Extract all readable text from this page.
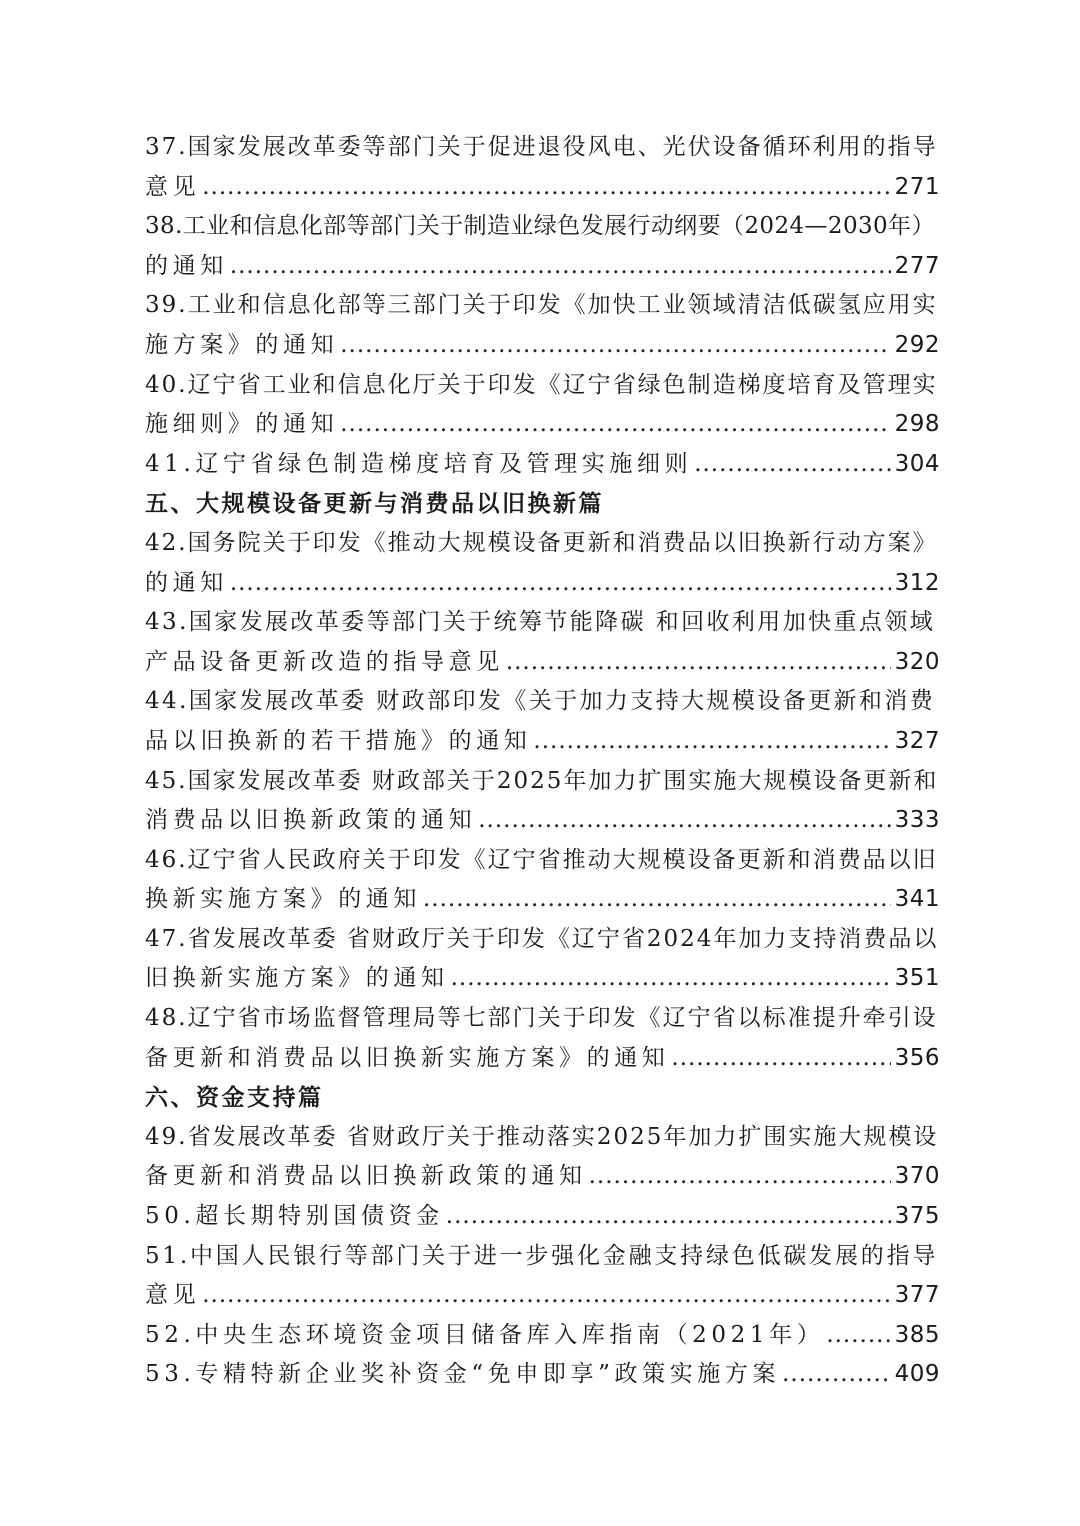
37.国家发展改革委等部门关于促进退役风电、光伏设备循环利用的指导
意见 .....	271
38.工业和信息化部等部门关于制造业绿色发展行动纲要（2024—2030年）
的通知 .....	277
39.工业和信息化部等三部门关于印发《加快工业领域清洁低碳氢应用实
施方案》的通知 .....	292
40.辽宁省工业和信息化厅关于印发《辽宁省绿色制造梯度培育及管理实
施细则》的通知 .....	298
41.辽宁省绿色制造梯度培育及管理实施细则 .....	304
五、大规模设备更新与消费品以旧换新篇
42.国务院关于印发《推动大规模设备更新和消费品以旧换新行动方案》
的通知 .....	312
43.国家发展改革委等部门关于统筹节能降碳 和回收利用加快重点领域
产品设备更新改造的指导意见 .....	320
44.国家发展改革委 财政部印发《关于加力支持大规模设备更新和消费
品以旧换新的若干措施》的通知 .....	327
45.国家发展改革委 财政部关于2025年加力扩围实施大规模设备更新和
消费品以旧换新政策的通知 .....	333
46.辽宁省人民政府关于印发《辽宁省推动大规模设备更新和消费品以旧
换新实施方案》的通知 .....	341
47.省发展改革委 省财政厅关于印发《辽宁省2024年加力支持消费品以
旧换新实施方案》的通知 .....	351
48.辽宁省市场监督管理局等七部门关于印发《辽宁省以标准提升牵引设
备更新和消费品以旧换新实施方案》的通知 .....	356
六、资金支持篇
49.省发展改革委 省财政厅关于推动落实2025年加力扩围实施大规模设
备更新和消费品以旧换新政策的通知 .....	370
50.超长期特别国债资金 .....	375
51.中国人民银行等部门关于进一步强化金融支持绿色低碳发展的指导
意见 .....	377
52.中央生态环境资金项目储备库入库指南（2021年） .....	385
53.专精特新企业奖补资金“免申即享”政策实施方案 .....	409
